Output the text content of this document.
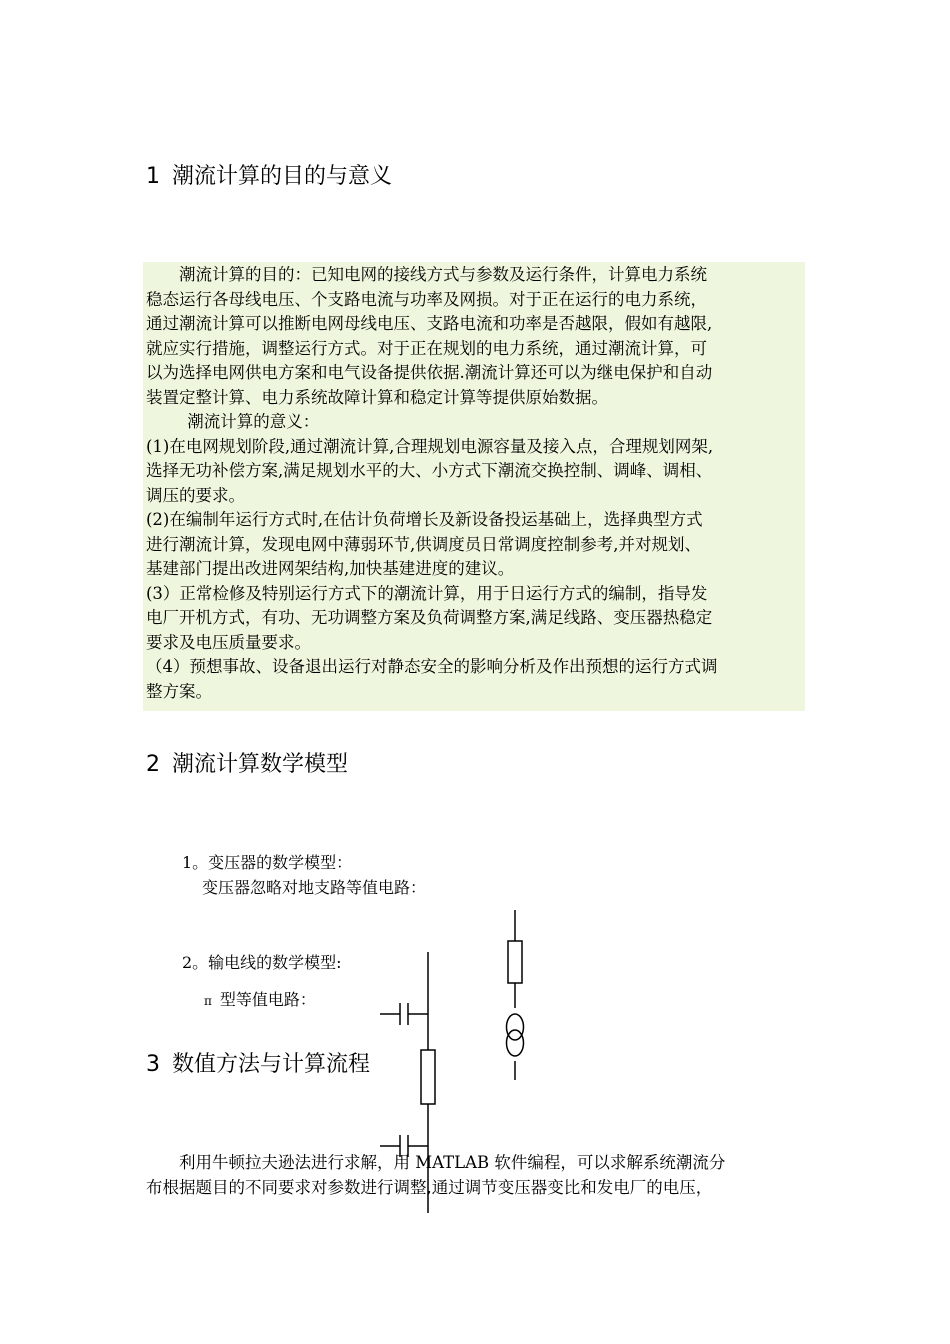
1 潮流计算的目的与意义
　　潮流计算的目的：已知电网的接线方式与参数及运行条件，计算电力系统
稳态运行各母线电压、个支路电流与功率及网损。对于正在运行的电力系统，
通过潮流计算可以推断电网母线电压、支路电流和功率是否越限，假如有越限,
就应实行措施，调整运行方式。对于正在规划的电力系统，通过潮流计算，可
以为选择电网供电方案和电气设备提供依据.潮流计算还可以为继电保护和自动
装置定整计算、电力系统故障计算和稳定计算等提供原始数据。
　　 潮流计算的意义：
(1)在电网规划阶段,通过潮流计算,合理规划电源容量及接入点，合理规划网架,
选择无功补偿方案,满足规划水平的大、小方式下潮流交换控制、调峰、调相、
调压的要求。
(2)在编制年运行方式时,在估计负荷增长及新设备投运基础上，选择典型方式
进行潮流计算，发现电网中薄弱环节,供调度员日常调度控制参考,并对规划、
基建部门提出改进网架结构,加快基建进度的建议。
(3）正常检修及特别运行方式下的潮流计算，用于日运行方式的编制，指导发
电厂开机方式，有功、无功调整方案及负荷调整方案,满足线路、变压器热稳定
要求及电压质量要求。
（4）预想事故、设备退出运行对静态安全的影响分析及作出预想的运行方式调
整方案。
2 潮流计算数学模型

1。变压器的数学模型：

变压器忽略对地支路等值电路：

2。输电线的数学模型:

π 型等值电路：

3 数值方法与计算流程
　　利用牛顿拉夫逊法进行求解，用 MATLAB 软件编程，可以求解系统潮流分
布根据题目的不同要求对参数进行调整,通过调节变压器变比和发电厂的电压，
